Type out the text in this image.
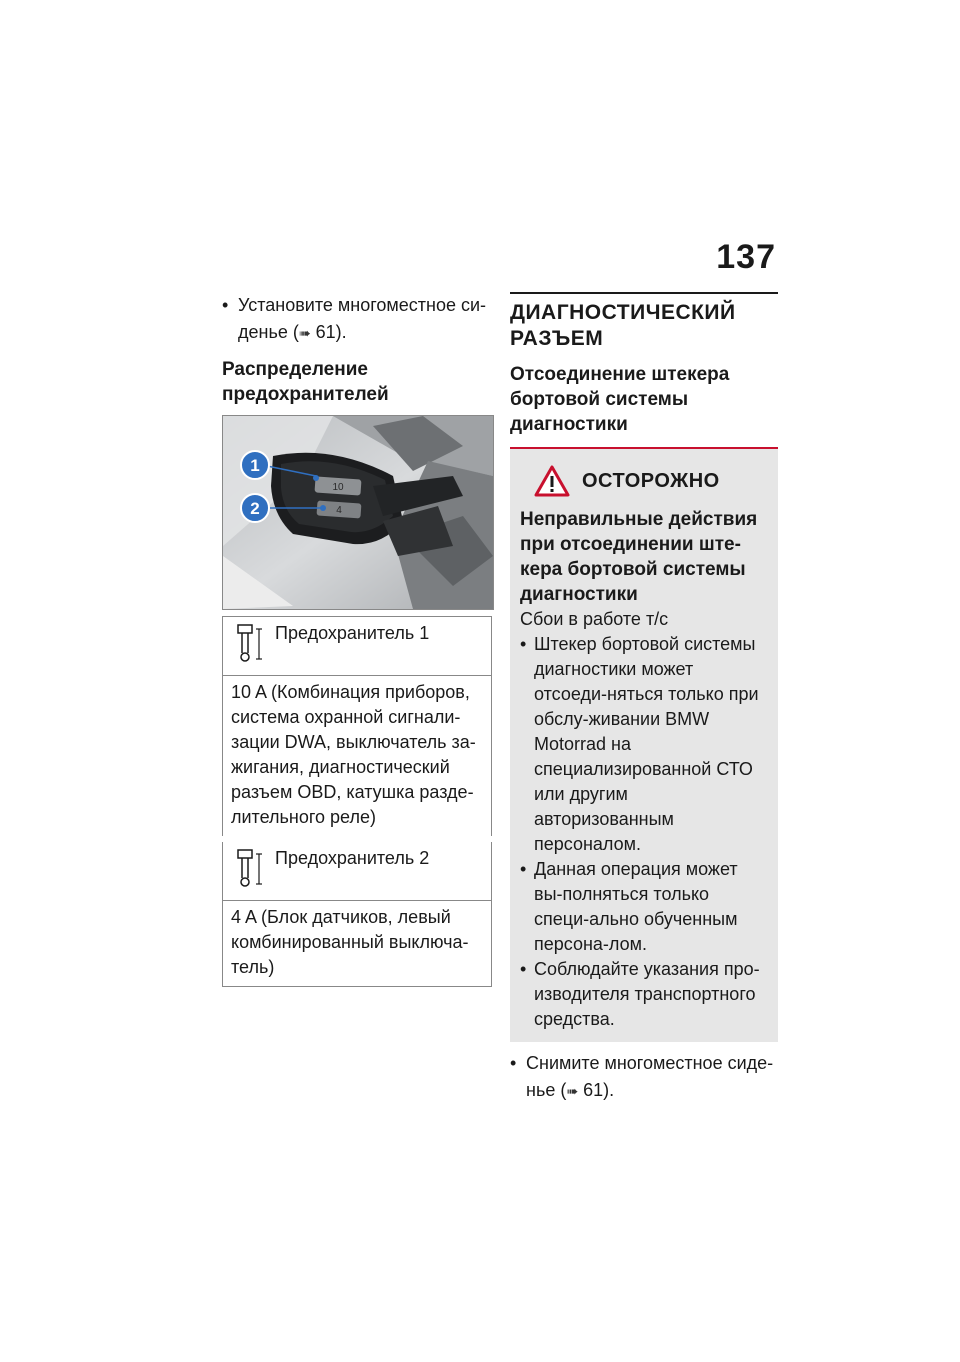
137
• Установите многоместное си-деньe (➠ 61).
Распределение предохранителей
10
4
1
2
Предохранитель 1

10 A (Комбинация приборов, система охранной сигнали-зации DWA, выключатель за-жигания, диагностический разъем OBD, катушка разде-лительного реле)

Предохранитель 2

4 A (Блок датчиков, левый комбинированный выключа-тель)
ДИАГНОСТИЧЕСКИЙ РАЗЪЕМ
Отсоединение штекера бортовой системы диагностики
ОСТОРОЖНО
Неправильные действия при отсоединении ште-кера бортовой системы диагностики
Сбои в работе т/с
• Штекер бортовой системы диагностики может отсоеди-няться только при обслу-живании BMW Motorrad на специализированной СТО или другим авторизованным персоналом.
• Данная операция может вы-полняться только специ-ально обученным персона-лом.
• Соблюдайте указания про-изводителя транспортного средства.
• Снимите многоместное сиде-нье (➠ 61).
